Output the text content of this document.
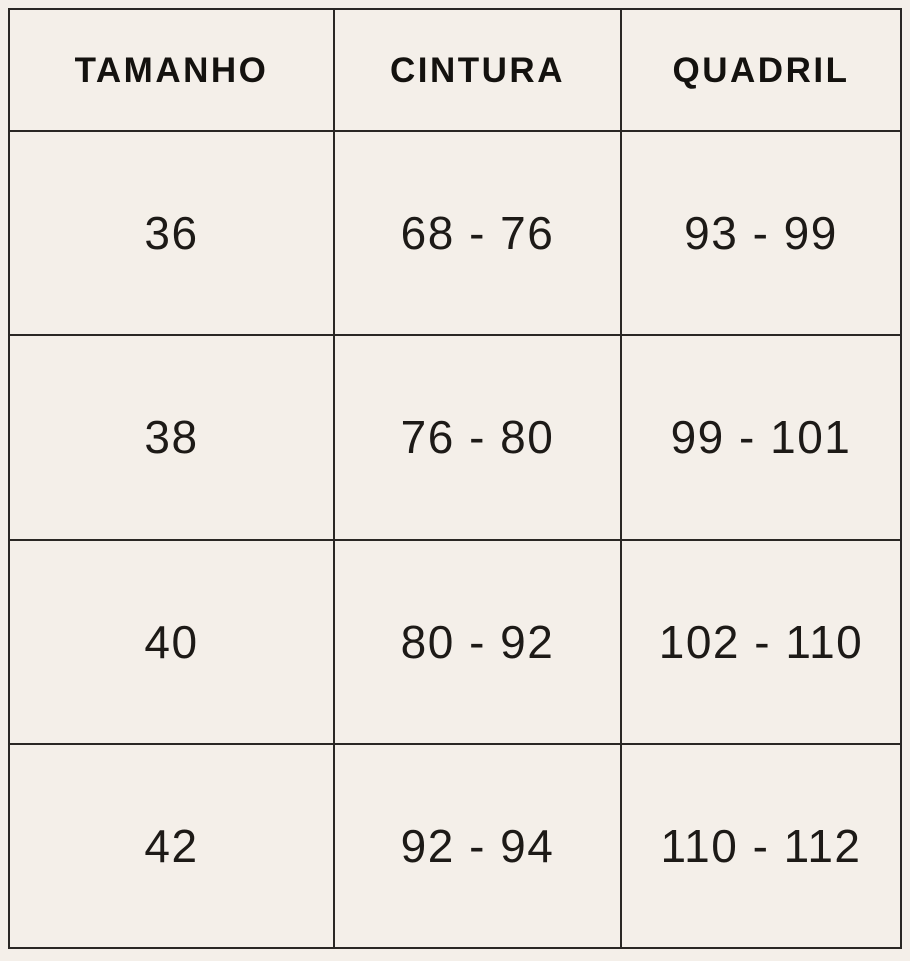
TAMANHO	CINTURA	QUADRIL

36	68 - 76	93 - 99

38	76 - 80	99 - 101

40	80 - 92	102 - 110

42	92 - 94	110 - 112
